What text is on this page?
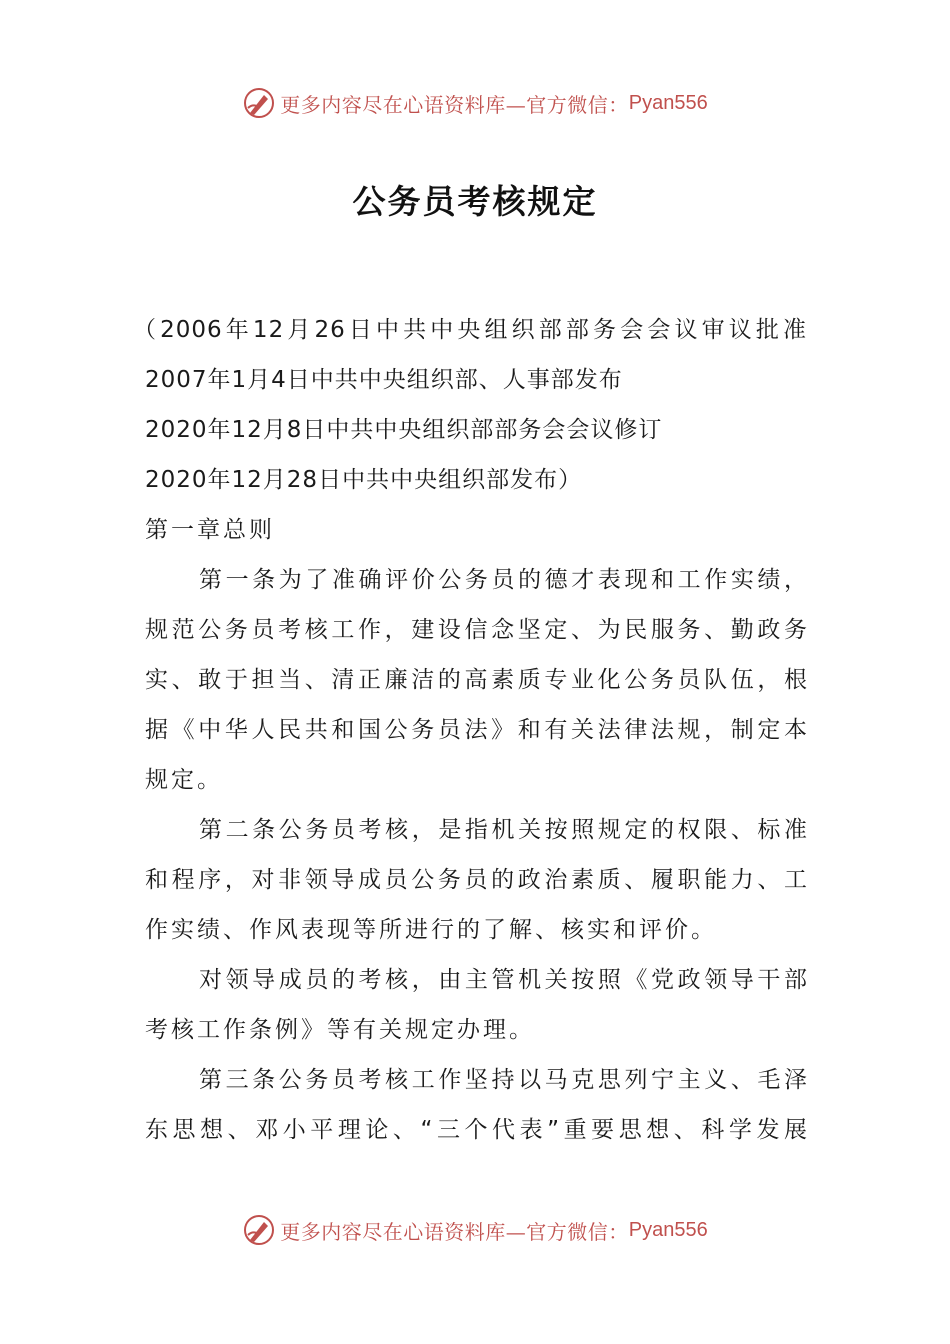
更多内容尽在心语资料库—官方微信： Pyan556
公务员考核规定
（2006年12月26日中共中央组织部部务会会议审议批准
2007年1月4日中共中央组织部、人事部发布
2020年12月8日中共中央组织部部务会会议修订
2020年12月28日中共中央组织部发布）
第一章总则
第一条为了准确评价公务员的德才表现和工作实绩，
规范公务员考核工作，建设信念坚定、为民服务、勤政务
实、敢于担当、清正廉洁的高素质专业化公务员队伍，根
据《中华人民共和国公务员法》和有关法律法规，制定本
规定。
第二条公务员考核，是指机关按照规定的权限、标准
和程序，对非领导成员公务员的政治素质、履职能力、工
作实绩、作风表现等所进行的了解、核实和评价。
对领导成员的考核，由主管机关按照《党政领导干部
考核工作条例》等有关规定办理。
第三条公务员考核工作坚持以马克思列宁主义、毛泽
东思想、邓小平理论、“三个代表”重要思想、科学发展
更多内容尽在心语资料库—官方微信： Pyan556
